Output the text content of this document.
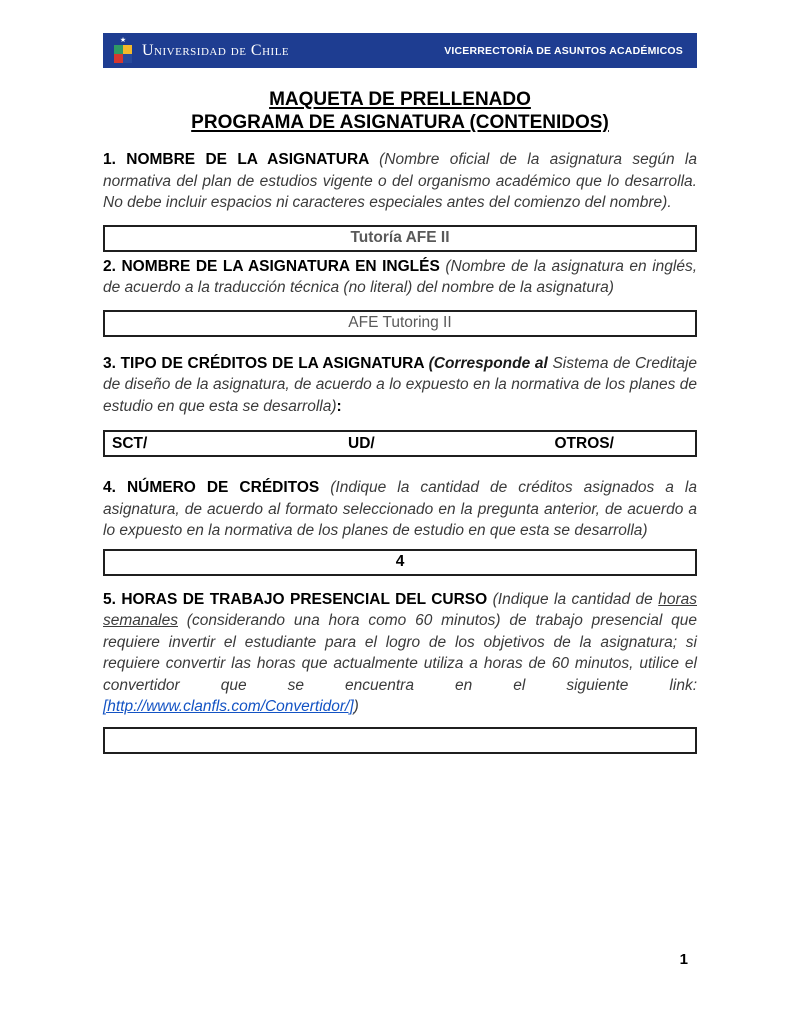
★
Universidad de Chile	VICERRECTORÍA DE ASUNTOS ACADÉMICOS
MAQUETA DE PRELLENADO
PROGRAMA DE ASIGNATURA (CONTENIDOS)

1. NOMBRE DE LA ASIGNATURA (Nombre oficial de la asignatura según la normativa del plan de estudios vigente o del organismo académico que lo desarrolla. No debe incluir espacios ni caracteres especiales antes del comienzo del nombre).

Tutoría AFE II

2. NOMBRE DE LA ASIGNATURA EN INGLÉS (Nombre de la asignatura en inglés, de acuerdo a la traducción técnica (no literal) del nombre de la asignatura)

AFE Tutoring II

3. TIPO DE CRÉDITOS DE LA ASIGNATURA (Corresponde al Sistema de Creditaje de diseño de la asignatura, de acuerdo a lo expuesto en la normativa de los planes de estudio en que esta se desarrolla):

SCT/	UD/	OTROS/

4. NÚMERO DE CRÉDITOS (Indique la cantidad de créditos asignados a la asignatura, de acuerdo al formato seleccionado en la pregunta anterior, de acuerdo a lo expuesto en la normativa de los planes de estudio en que esta se desarrolla)

4

5. HORAS DE TRABAJO PRESENCIAL DEL CURSO (Indique la cantidad de horas semanales (considerando una hora como 60 minutos) de trabajo presencial que requiere invertir el estudiante para el logro de los objetivos de la asignatura; si requiere convertir las horas que actualmente utiliza a horas de 60 minutos, utilice el convertidor que se encuentra en el siguiente link: [http://www.clanfls.com/Convertidor/])

1
